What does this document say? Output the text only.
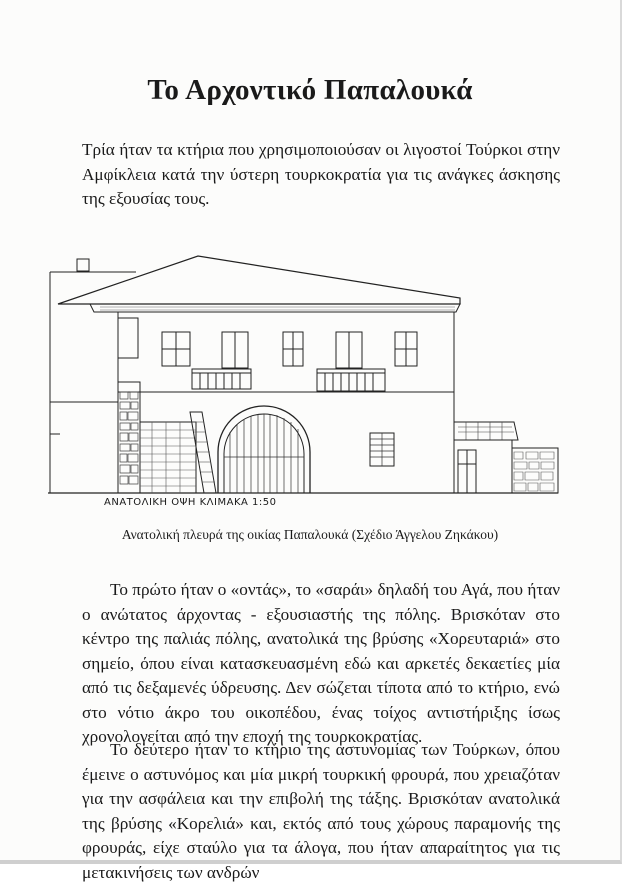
Το Αρχοντικό Παπαλουκά

Τρία ήταν τα κτήρια που χρησιμοποιούσαν οι λιγοστοί Τούρκοι στην Αμφίκλεια κατά την ύστερη τουρκοκρατία για τις ανάγκες άσκησης της εξουσίας τους.

ΑΝΑΤΟΛΙΚΗ ΟΨΗ ΚΛΙΜΑΚΑ 1:50
Ανατολική πλευρά της οικίας Παπαλουκά (Σχέδιο Άγγελου Ζηκάκου)

Το πρώτο ήταν ο «οντάς», το «σαράι» δηλαδή του Αγά, που ήταν ο ανώτατος άρχοντας - εξουσιαστής της πόλης. Βρισκόταν στο κέντρο της παλιάς πόλης, ανατολικά της βρύσης «Χορευταριά» στο σημείο, όπου είναι κατασκευασμένη εδώ και αρκετές δεκαετίες μία από τις δεξαμενές ύδρευσης. Δεν σώζεται τίποτα από το κτήριο, ενώ στο νότιο άκρο του οικοπέδου, ένας τοίχος αντιστήριξης ίσως χρονολογείται από την εποχή της τουρκοκρατίας.

Το δεύτερο ήταν το κτήριο της αστυνομίας των Τούρκων, όπου έμεινε ο αστυνόμος και μία μικρή τουρκική φρουρά, που χρειαζόταν για την ασφάλεια και την επιβολή της τάξης. Βρισκόταν ανατολικά της βρύσης «Κορελιά» και, εκτός από τους χώρους παραμονής της φρουράς, είχε σταύλο για τα άλογα, που ήταν απαραίτητος για τις μετακινήσεις των ανδρών
